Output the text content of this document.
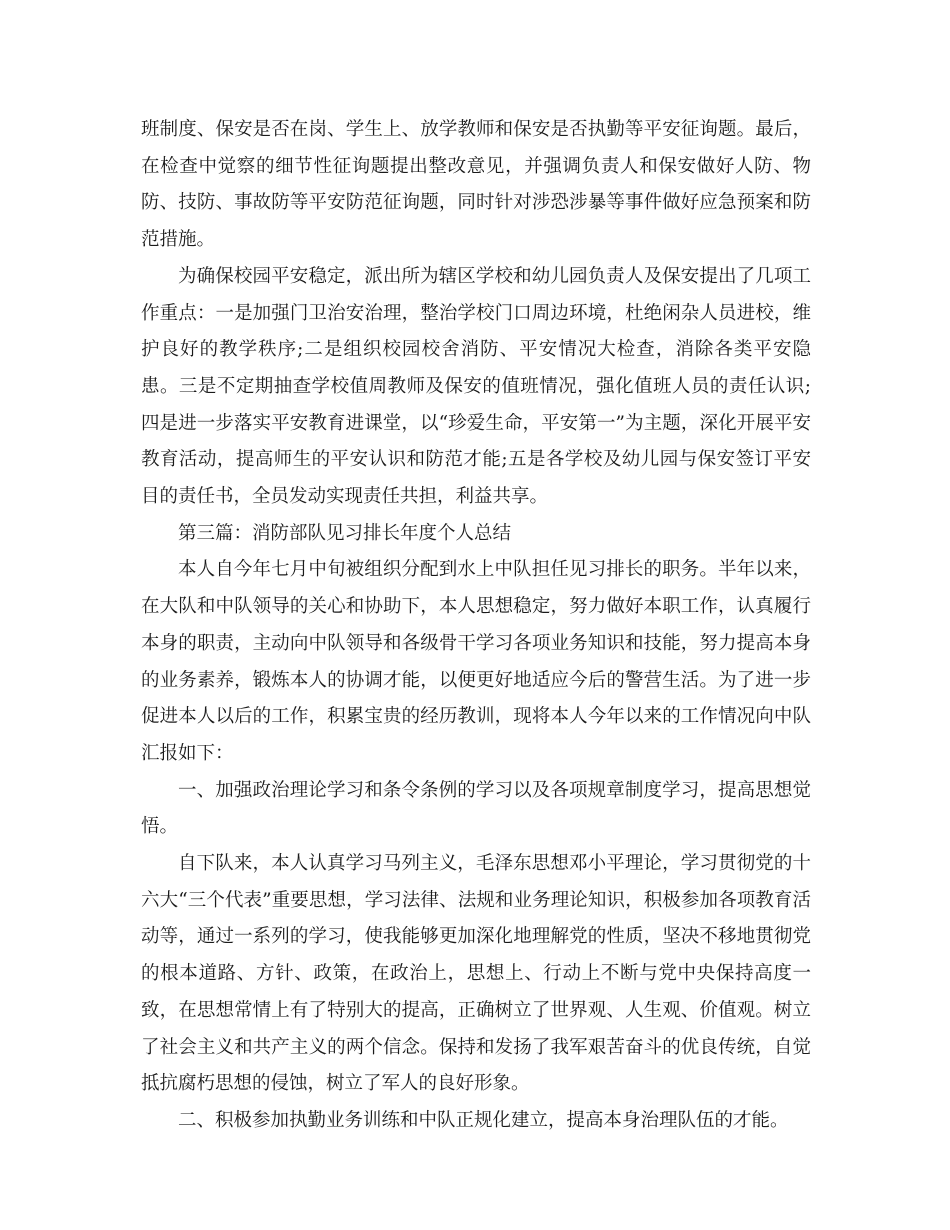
班制度、保安是否在岗、学生上、放学教师和保安是否执勤等平安征询题。最后，在检查中觉察的细节性征询题提出整改意见，并强调负责人和保安做好人防、物防、技防、事故防等平安防范征询题，同时针对涉恐涉暴等事件做好应急预案和防范措施。

为确保校园平安稳定，派出所为辖区学校和幼儿园负责人及保安提出了几项工作重点：一是加强门卫治安治理，整治学校门口周边环境，杜绝闲杂人员进校，维护良好的教学秩序;二是组织校园校舍消防、平安情况大检查，消除各类平安隐患。三是不定期抽查学校值周教师及保安的值班情况，强化值班人员的责任认识;四是进一步落实平安教育进课堂，以“珍爱生命，平安第一”为主题，深化开展平安教育活动，提高师生的平安认识和防范才能;五是各学校及幼儿园与保安签订平安目的责任书，全员发动实现责任共担，利益共享。

第三篇：消防部队见习排长年度个人总结

本人自今年七月中旬被组织分配到水上中队担任见习排长的职务。半年以来，在大队和中队领导的关心和协助下，本人思想稳定，努力做好本职工作，认真履行本身的职责，主动向中队领导和各级骨干学习各项业务知识和技能，努力提高本身的业务素养，锻炼本人的协调才能，以便更好地适应今后的警营生活。为了进一步促进本人以后的工作，积累宝贵的经历教训，现将本人今年以来的工作情况向中队汇报如下：

一、加强政治理论学习和条令条例的学习以及各项规章制度学习，提高思想觉悟。

自下队来，本人认真学习马列主义，毛泽东思想邓小平理论，学习贯彻党的十六大“三个代表”重要思想，学习法律、法规和业务理论知识，积极参加各项教育活动等，通过一系列的学习，使我能够更加深化地理解党的性质，坚决不移地贯彻党的根本道路、方针、政策，在政治上，思想上、行动上不断与党中央保持高度一致，在思想常情上有了特别大的提高，正确树立了世界观、人生观、价值观。树立了社会主义和共产主义的两个信念。保持和发扬了我军艰苦奋斗的优良传统，自觉抵抗腐朽思想的侵蚀，树立了军人的良好形象。

二、积极参加执勤业务训练和中队正规化建立，提高本身治理队伍的才能。
